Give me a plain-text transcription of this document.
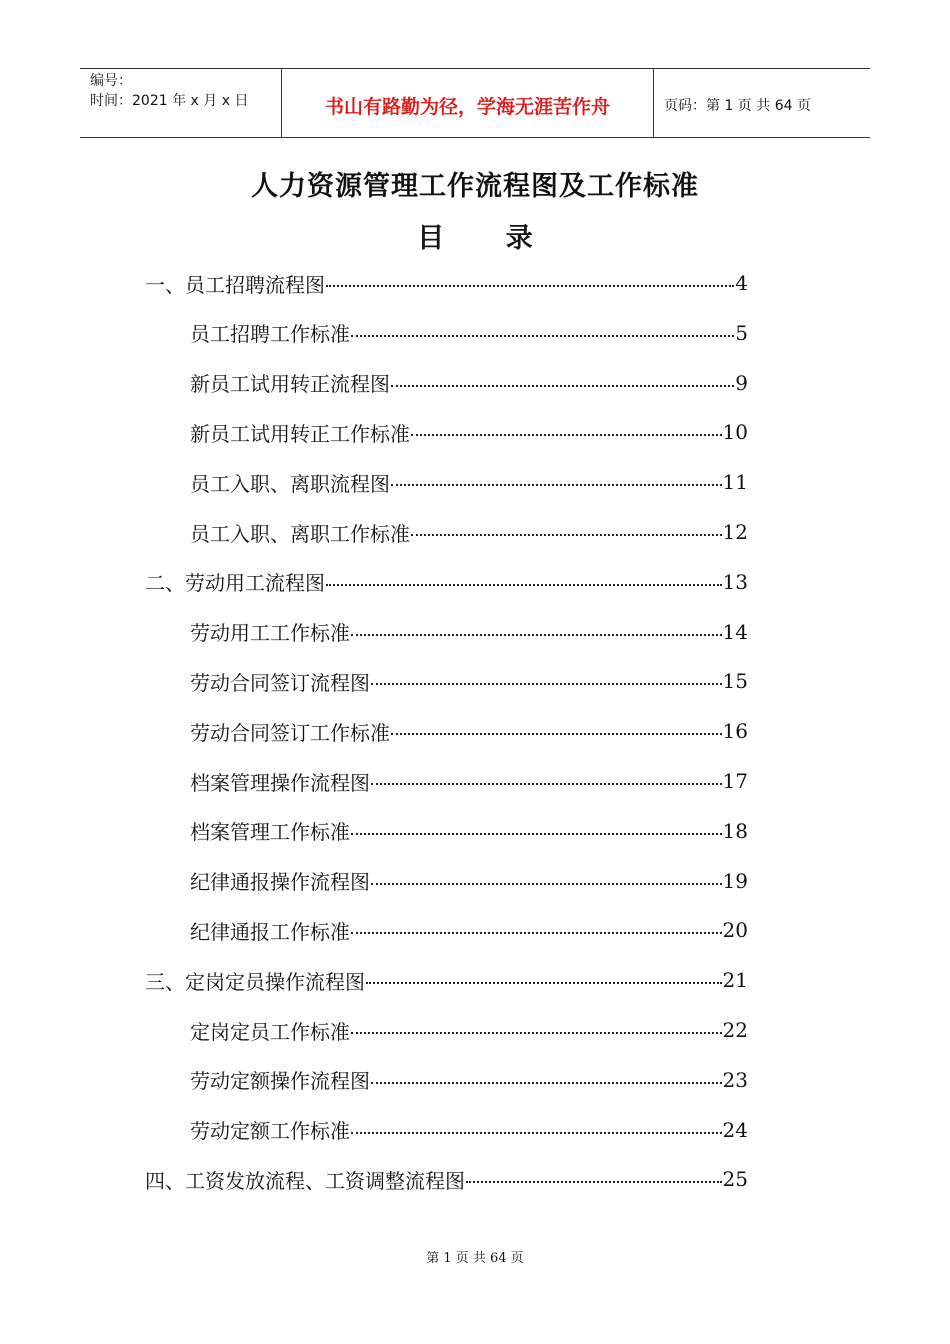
编号：
时间：2021 年 x 月 x 日	书山有路勤为径，学海无涯苦作舟	页码：第 1 页 共 64 页
人力资源管理工作流程图及工作标准
目 录
一、员工招聘流程图	4
员工招聘工作标准	5
新员工试用转正流程图	9
新员工试用转正工作标准	10
员工入职、离职流程图	11
员工入职、离职工作标准	12
二、劳动用工流程图	13
劳动用工工作标准	14
劳动合同签订流程图	15
劳动合同签订工作标准	16
档案管理操作流程图	17
档案管理工作标准	18
纪律通报操作流程图	19
纪律通报工作标准	20
三、定岗定员操作流程图	21
定岗定员工作标准	22
劳动定额操作流程图	23
劳动定额工作标准	24
四、工资发放流程、工资调整流程图	25
第 1 页 共 64 页
